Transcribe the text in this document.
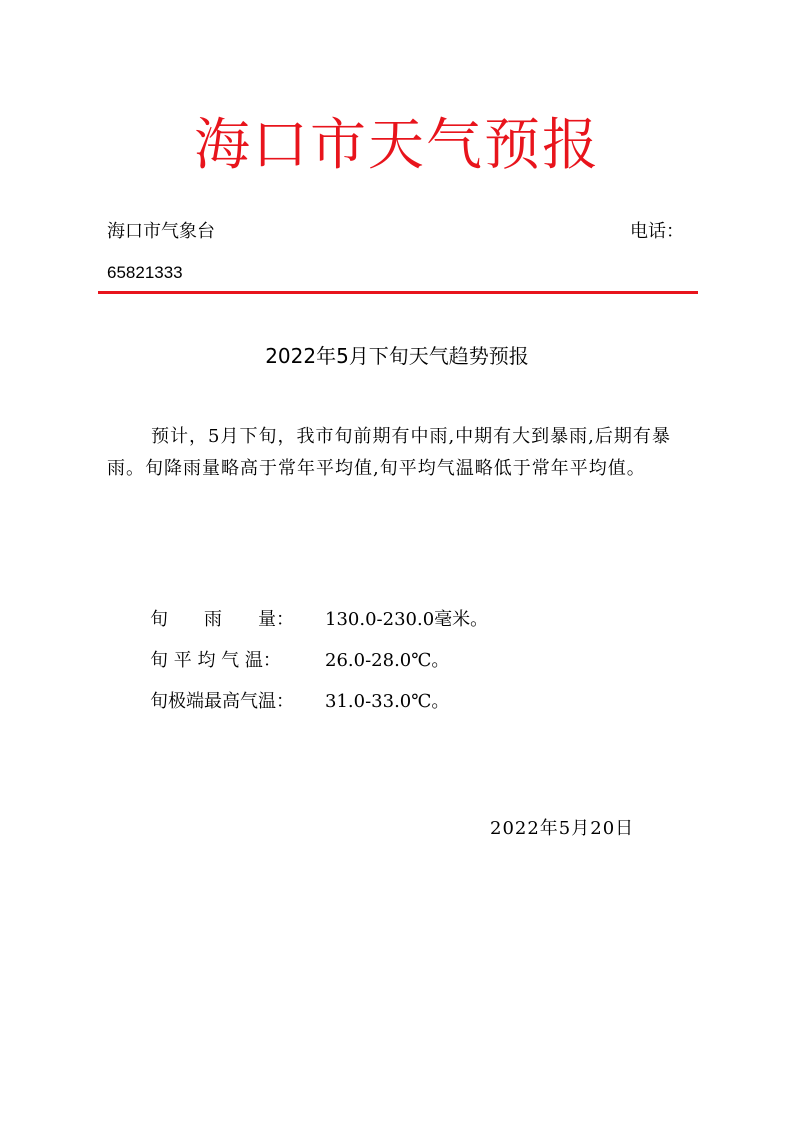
海口市天气预报
海口市气象台	电话：
65821333
2022年5月下旬天气趋势预报
预计，5月下旬，我市旬前期有中雨,中期有大到暴雨,后期有暴雨。旬降雨量略高于常年平均值,旬平均气温略低于常年平均值。
旬　　雨　　量： 130.0-230.0毫米。
旬 平 均 气 温： 26.0-28.0℃。
旬极端最高气温： 31.0-33.0℃。
2022年5月20日
